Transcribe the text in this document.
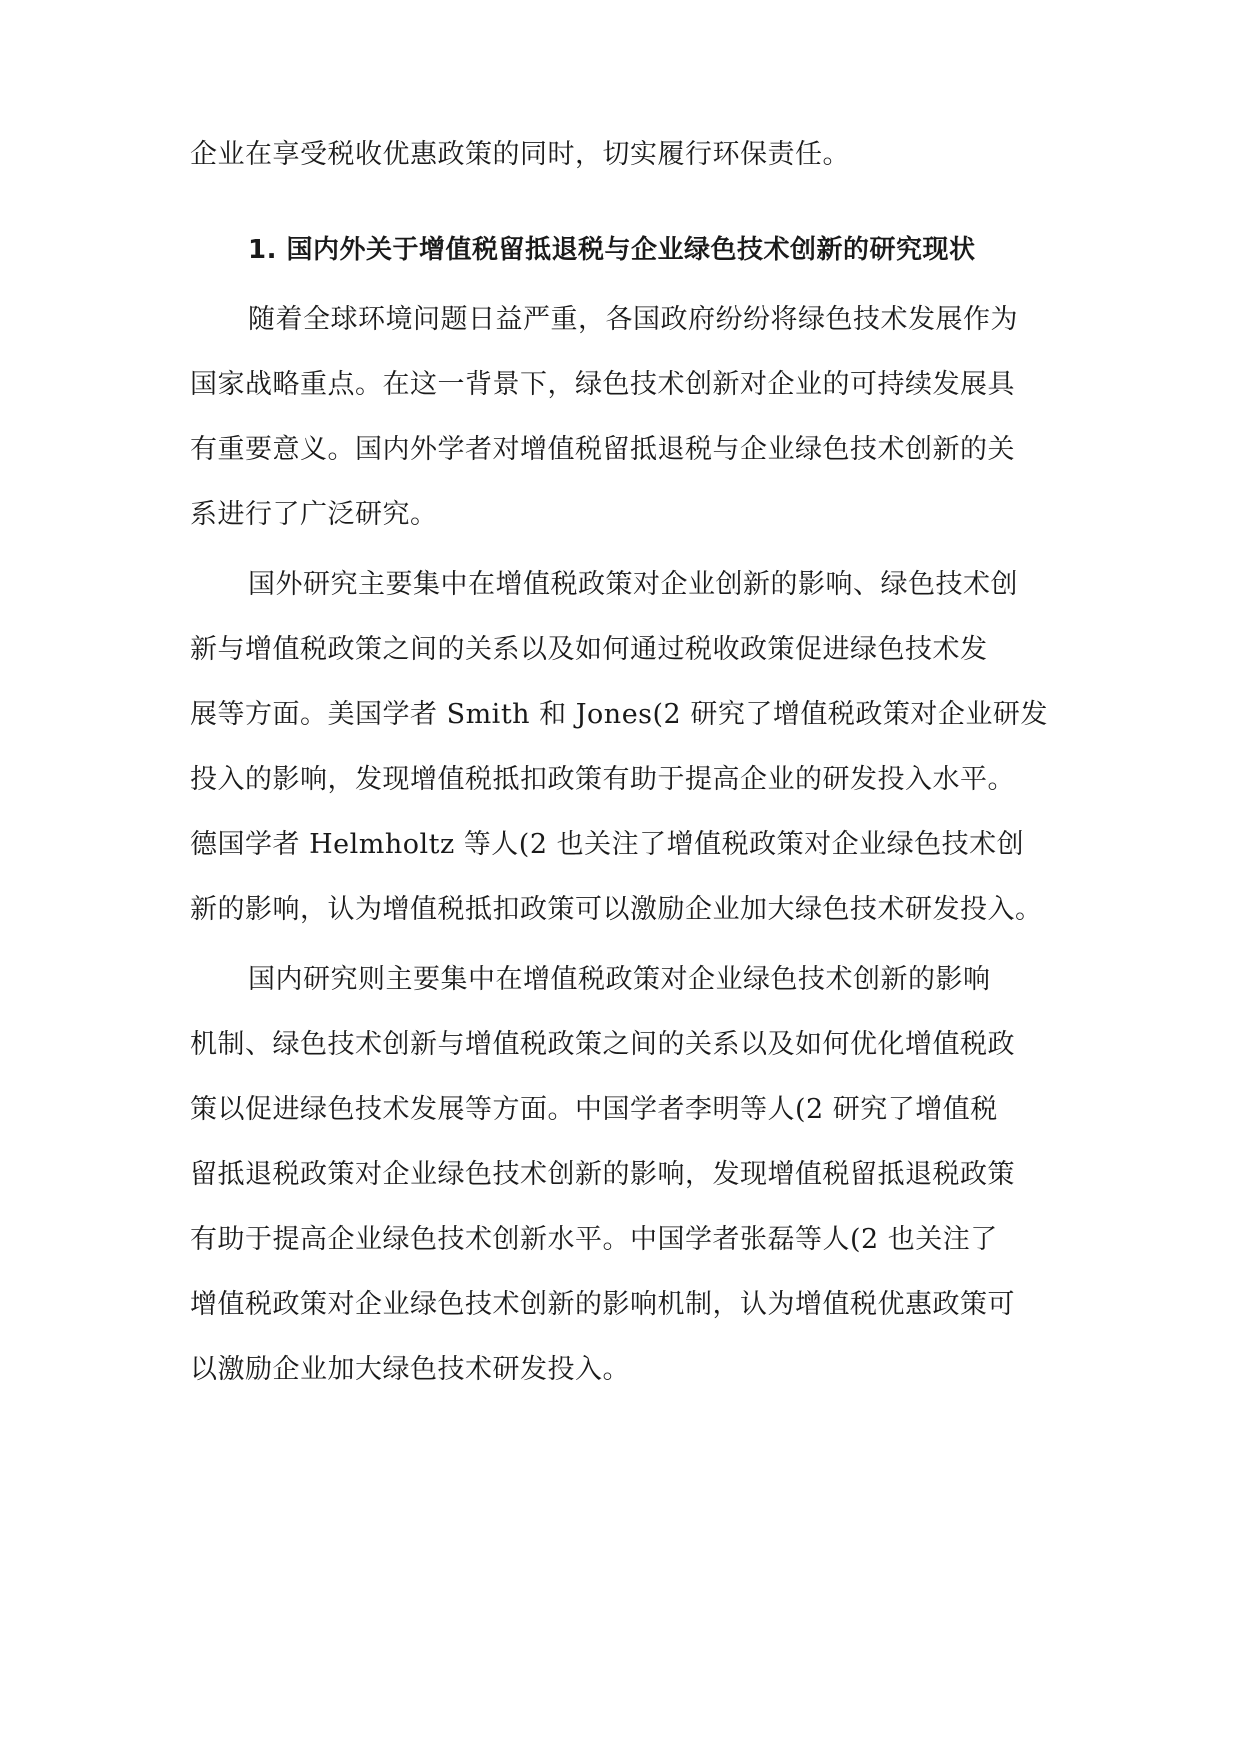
企业在享受税收优惠政策的同时，切实履行环保责任。
1. 国内外关于增值税留抵退税与企业绿色技术创新的研究现状
随着全球环境问题日益严重，各国政府纷纷将绿色技术发展作为
国家战略重点。在这一背景下，绿色技术创新对企业的可持续发展具
有重要意义。国内外学者对增值税留抵退税与企业绿色技术创新的关
系进行了广泛研究。
国外研究主要集中在增值税政策对企业创新的影响、绿色技术创
新与增值税政策之间的关系以及如何通过税收政策促进绿色技术发
展等方面。美国学者 Smith 和 Jones(2 研究了增值税政策对企业研发
投入的影响，发现增值税抵扣政策有助于提高企业的研发投入水平。
德国学者 Helmholtz 等人(2 也关注了增值税政策对企业绿色技术创
新的影响，认为增值税抵扣政策可以激励企业加大绿色技术研发投入。
国内研究则主要集中在增值税政策对企业绿色技术创新的影响
机制、绿色技术创新与增值税政策之间的关系以及如何优化增值税政
策以促进绿色技术发展等方面。中国学者李明等人(2 研究了增值税
留抵退税政策对企业绿色技术创新的影响，发现增值税留抵退税政策
有助于提高企业绿色技术创新水平。中国学者张磊等人(2 也关注了
增值税政策对企业绿色技术创新的影响机制，认为增值税优惠政策可
以激励企业加大绿色技术研发投入。
